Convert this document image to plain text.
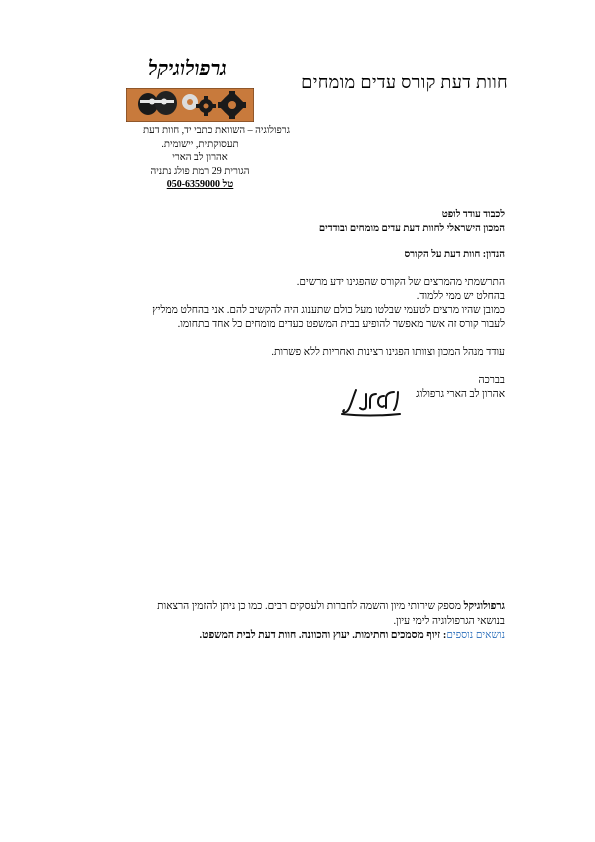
חוות דעת קורס עדים מומחים
גרפולוגיקל
גרפולוגיה – השוואת כתבי יד, חוות דעת
תעסוקתית, יישומית.
אהרון לב הארי
הגורית 29 רמת פולג נתניה
טל 050-6359000
לכבוד עודד לופט
המכון הישראלי לחוות דעת עדים מומחים ובודדים
הנדון: חוות דעת על הקורס

התרשמתי מהמרצים של הקורס שהפגינו ידע מרשים.

בהחלט יש ממי ללמוד.

כמובן שהיו מרצים לטעמי שבלטו מעל כולם שתענוג היה להקשיב להם. אני בהחלט ממליץ

לעבור קורס זה אשר מאפשר להופיע בבית המשפט כעדים מומחים כל אחד בתחומו.

עודד מנהל המכון וצוותו הפגינו רצינות ואחריות ללא פשרות.
בברכה
אהרון לב הארי גרפולוג

גרפולוגיקל מספק שירותי מיון והשמה לחברות ולעסקים רבים. כמו כן ניתן להזמין הרצאות

בנושאי הגרפולוגיה לימי עיון.

נושאים נוספים: זיוף מסמכים וחתימות. יעוץ והכוונה. חוות דעת לבית המשפט.
